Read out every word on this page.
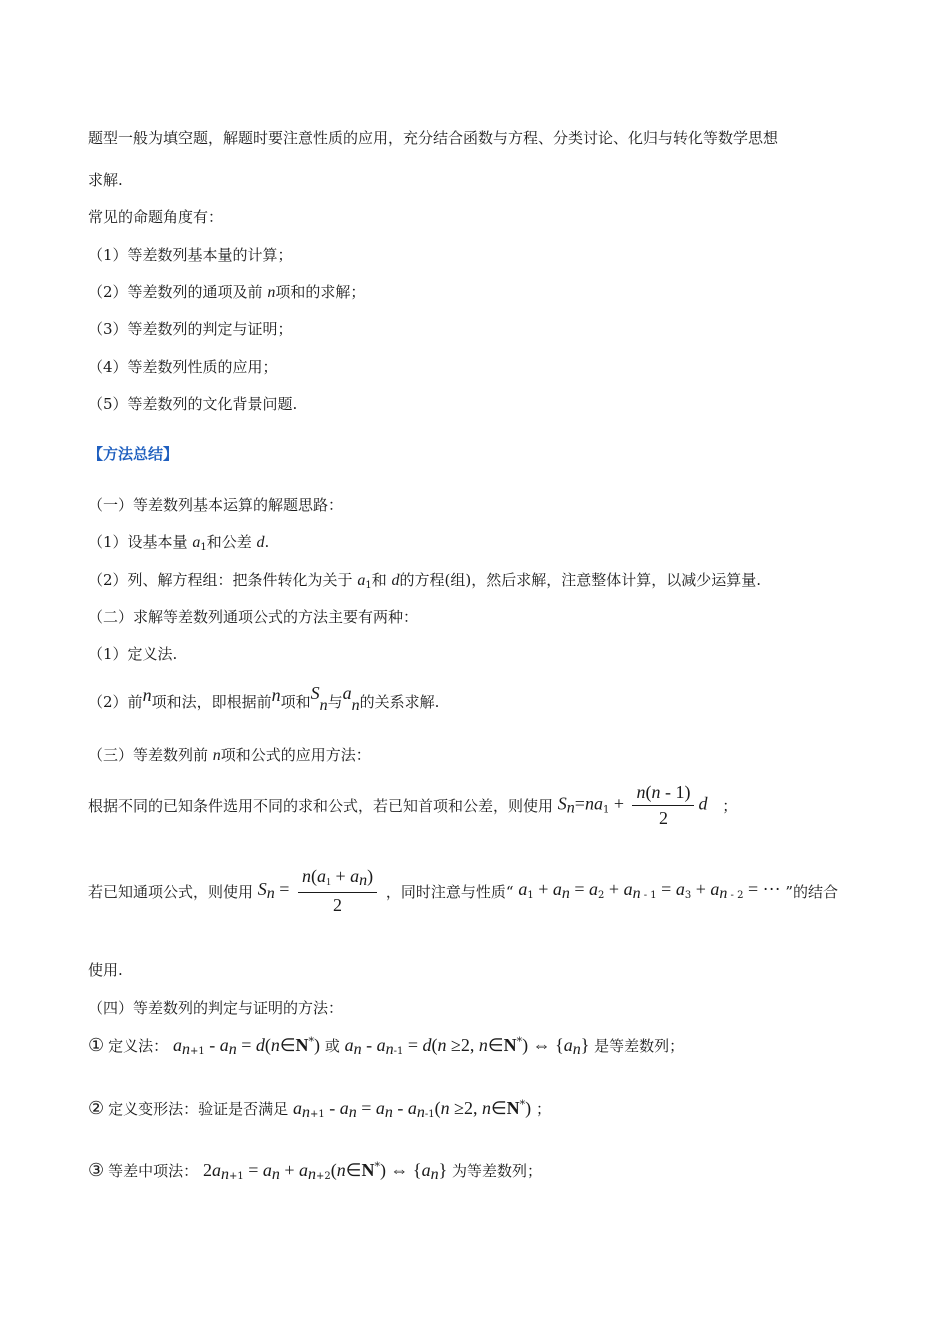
题型一般为填空题，解题时要注意性质的应用，充分结合函数与方程、分类讨论、化归与转化等数学思想
求解.
常见的命题角度有：
（1）等差数列基本量的计算；
（2）等差数列的通项及前 n项和的求解；
（3）等差数列的判定与证明；
（4）等差数列性质的应用；
（5）等差数列的文化背景问题.
【方法总结】
（一）等差数列基本运算的解题思路：
（1）设基本量 $a_1$和公差 d.
（2）列、解方程组：把条件转化为关于 $a_1$和 d的方程(组)，然后求解，注意整体计算，以减少运算量.
（二）求解等差数列通项公式的方法主要有两种：
（1）定义法.
（2）前n项和法，即根据前n项和$S_n$与$a_n$的关系求解.
（三）等差数列前 n项和公式的应用方法：
根据不同的已知条件选用不同的求和公式，若已知首项和公差，则使用 $S_n=na_1 + \frac{n(n - 1)}{2}$ d ；
若已知通项公式，则使用 $S_n = \frac{n(a_1 + a_n)}{2}$ ，同时注意与性质“ $a_1 + a_n = a_2 + a_n$ $_{- 1} = a_3 + a_n$ $_{- 2}$ = ··· ”的结合
使用.
（四）等差数列的判定与证明的方法：
① 定义法： $a_{n+1} - a_n$ = d(n∈N*) 或 $a_n - a_{n-1} = d(n \ge 2$, n∈N*) ⇔ $\{a_n\}$ 是等差数列；
② 定义变形法：验证是否满足 $a_{n+1} - a_n = a_n - a_{n-1}(n \ge 2$, n∈N*) ；
③ 等差中项法： $2a_{n+1} = a_n$ + $a_{n+2}(n\in N^*)$ ⇔ $\{a_n\}$ 为等差数列；
